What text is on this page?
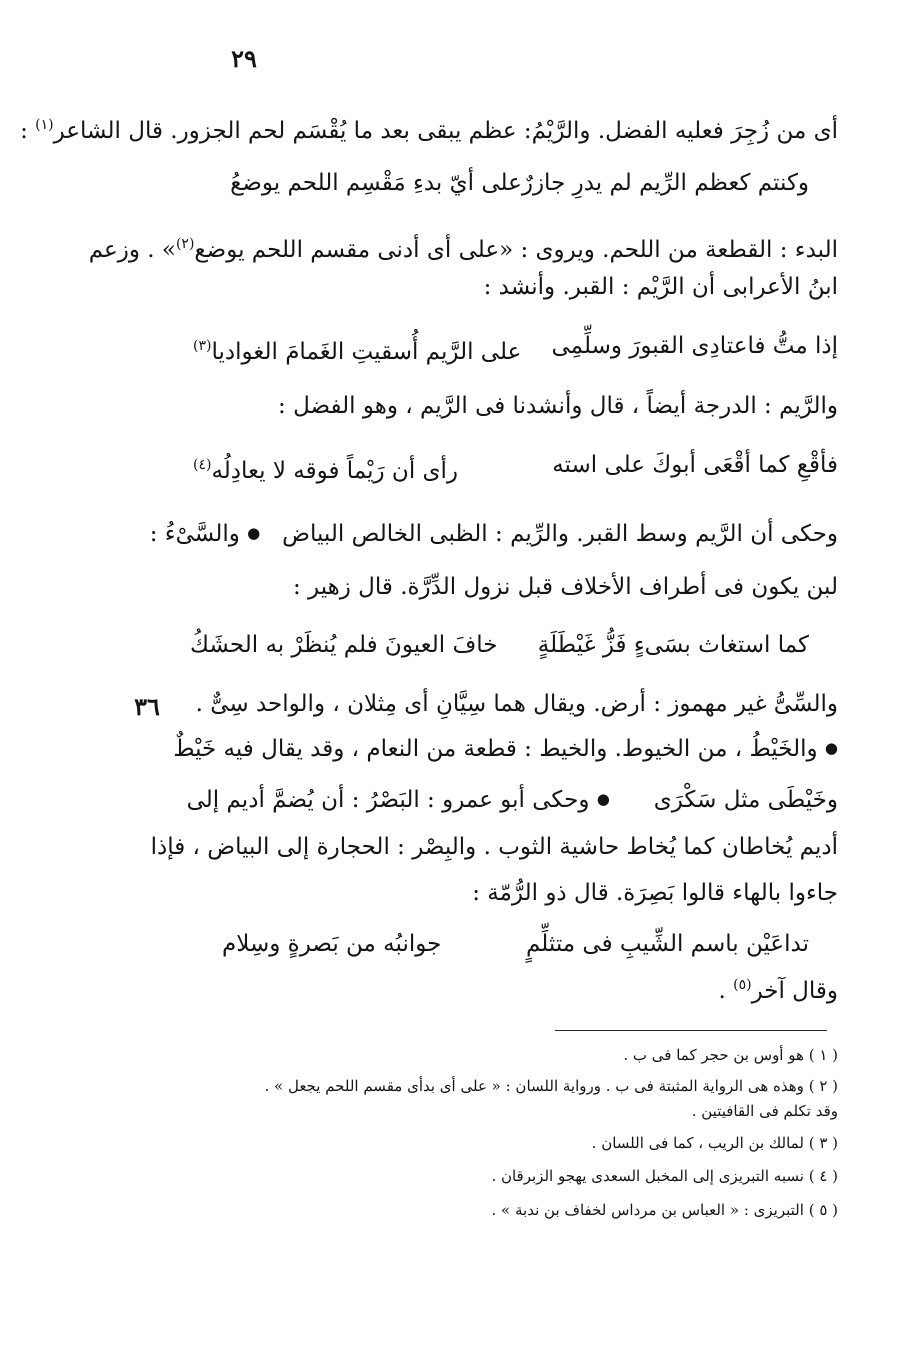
٢٩
٣٦
أى من زُجِرَ فعليه الفضل. والرَّيْمُ: عظم يبقى بعد ما يُقْسَم لحم الجزور. قال الشاعر$^{(١)}$ :
وكنتم كعظم الرِّيم لم يدرِ جازرٌ
على أيّ بدءِ مَقْسِم اللحم يوضعُ
البدء : القطعة من اللحم. ويروى : «على أى أدنى مقسم اللحم يوضع$^{(٢)}$» . وزعم
ابنُ الأعرابى أن الرَّيْم : القبر. وأنشد :
إذا متُّ فاعتادِى القبورَ وسلِّمِى
على الرَّيم أُسقيتِ الغَمامَ الغواديا$^{(٣)}$
والرَّيم : الدرجة أيضاً ، قال وأنشدنا فى الرَّيم ، وهو الفضل :
فأقْعِ كما أقْعَى أبوكَ على استه
رأى أن رَيْماً فوقه لا يعادِلُه$^{(٤)}$
وحكى أن الرَّيم وسط القبر. والرِّيم : الظبى الخالص البياض   ● والسَّىْءُ :
لبن يكون فى أطراف الأخلاف قبل نزول الدِّرَّة. قال زهير :
كما استغاث بسَىءٍ فَزُّ غَيْطَلَةٍ
خافَ العيونَ فلم يُنظَرْ به الحشَكُ
والسِّىُّ غير مهموز : أرض. ويقال هما سِيَّانِ أى مِثلان ، والواحد سِىٌّ .
● والخَيْطُ ، من الخيوط. والخيط : قطعة من النعام ، وقد يقال فيه خَيْطٌ
وخَيْطَى مثل سَكْرَى      ● وحكى أبو عمرو : البَصْرُ : أن يُضمَّ أديم إلى
أديم يُخاطان كما يُخاط حاشية الثوب . والبِصْر : الحجارة إلى البياض ، فإذا
جاءوا بالهاء قالوا بَصِرَة. قال ذو الرُّمّة :
تداعَيْن باسم الشِّيبِ فى متثلِّمٍ
جوانبُه من بَصرةٍ وسِلام
وقال آخر$^{(٥)}$ .
( ١ ) هو أوس بن حجر كما فى ب .
( ٢ ) وهذه هى الرواية المثبتة فى ب . ورواية اللسان : « على أى بدأى مقسم اللحم يجعل » .
وقد تكلم فى القافيتين .
( ٣ ) لمالك بن الريب ، كما فى اللسان .
( ٤ ) نسبه التبريزى إلى المخبل السعدى يهجو الزبرقان .
( ٥ ) التبريزى : « العباس بن مرداس لخفاف بن ندبة » .
